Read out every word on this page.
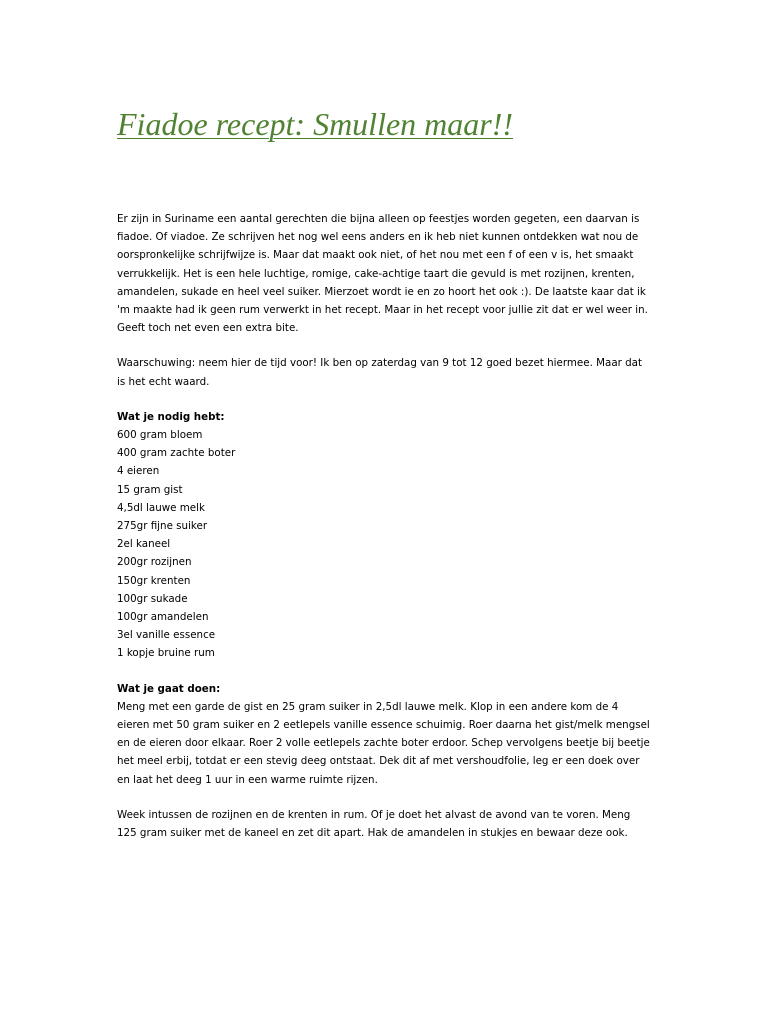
Fiadoe recept: Smullen maar!!
Er zijn in Suriname een aantal gerechten die bijna alleen op feestjes worden gegeten, een daarvan is
fiadoe. Of viadoe. Ze schrijven het nog wel eens anders en ik heb niet kunnen ontdekken wat nou de
oorspronkelijke schrijfwijze is. Maar dat maakt ook niet, of het nou met een f of een v is, het smaakt
verrukkelijk. Het is een hele luchtige, romige, cake-achtige taart die gevuld is met rozijnen, krenten,
amandelen, sukade en heel veel suiker. Mierzoet wordt ie en zo hoort het ook :). De laatste kaar dat ik
'm maakte had ik geen rum verwerkt in het recept. Maar in het recept voor jullie zit dat er wel weer in.
Geeft toch net even een extra bite.
Waarschuwing: neem hier de tijd voor! Ik ben op zaterdag van 9 tot 12 goed bezet hiermee. Maar dat
is het echt waard.
Wat je nodig hebt:
600 gram bloem
400 gram zachte boter
4 eieren
15 gram gist
4,5dl lauwe melk
275gr fijne suiker
2el kaneel
200gr rozijnen
150gr krenten
100gr sukade
100gr amandelen
3el vanille essence
1 kopje bruine rum
Wat je gaat doen:
Meng met een garde de gist en 25 gram suiker in 2,5dl lauwe melk. Klop in een andere kom de 4
eieren met 50 gram suiker en 2 eetlepels vanille essence schuimig. Roer daarna het gist/melk mengsel
en de eieren door elkaar. Roer 2 volle eetlepels zachte boter erdoor. Schep vervolgens beetje bij beetje
het meel erbij, totdat er een stevig deeg ontstaat. Dek dit af met vershoudfolie, leg er een doek over
en laat het deeg 1 uur in een warme ruimte rijzen.
Week intussen de rozijnen en de krenten in rum. Of je doet het alvast de avond van te voren. Meng
125 gram suiker met de kaneel en zet dit apart. Hak de amandelen in stukjes en bewaar deze ook.
